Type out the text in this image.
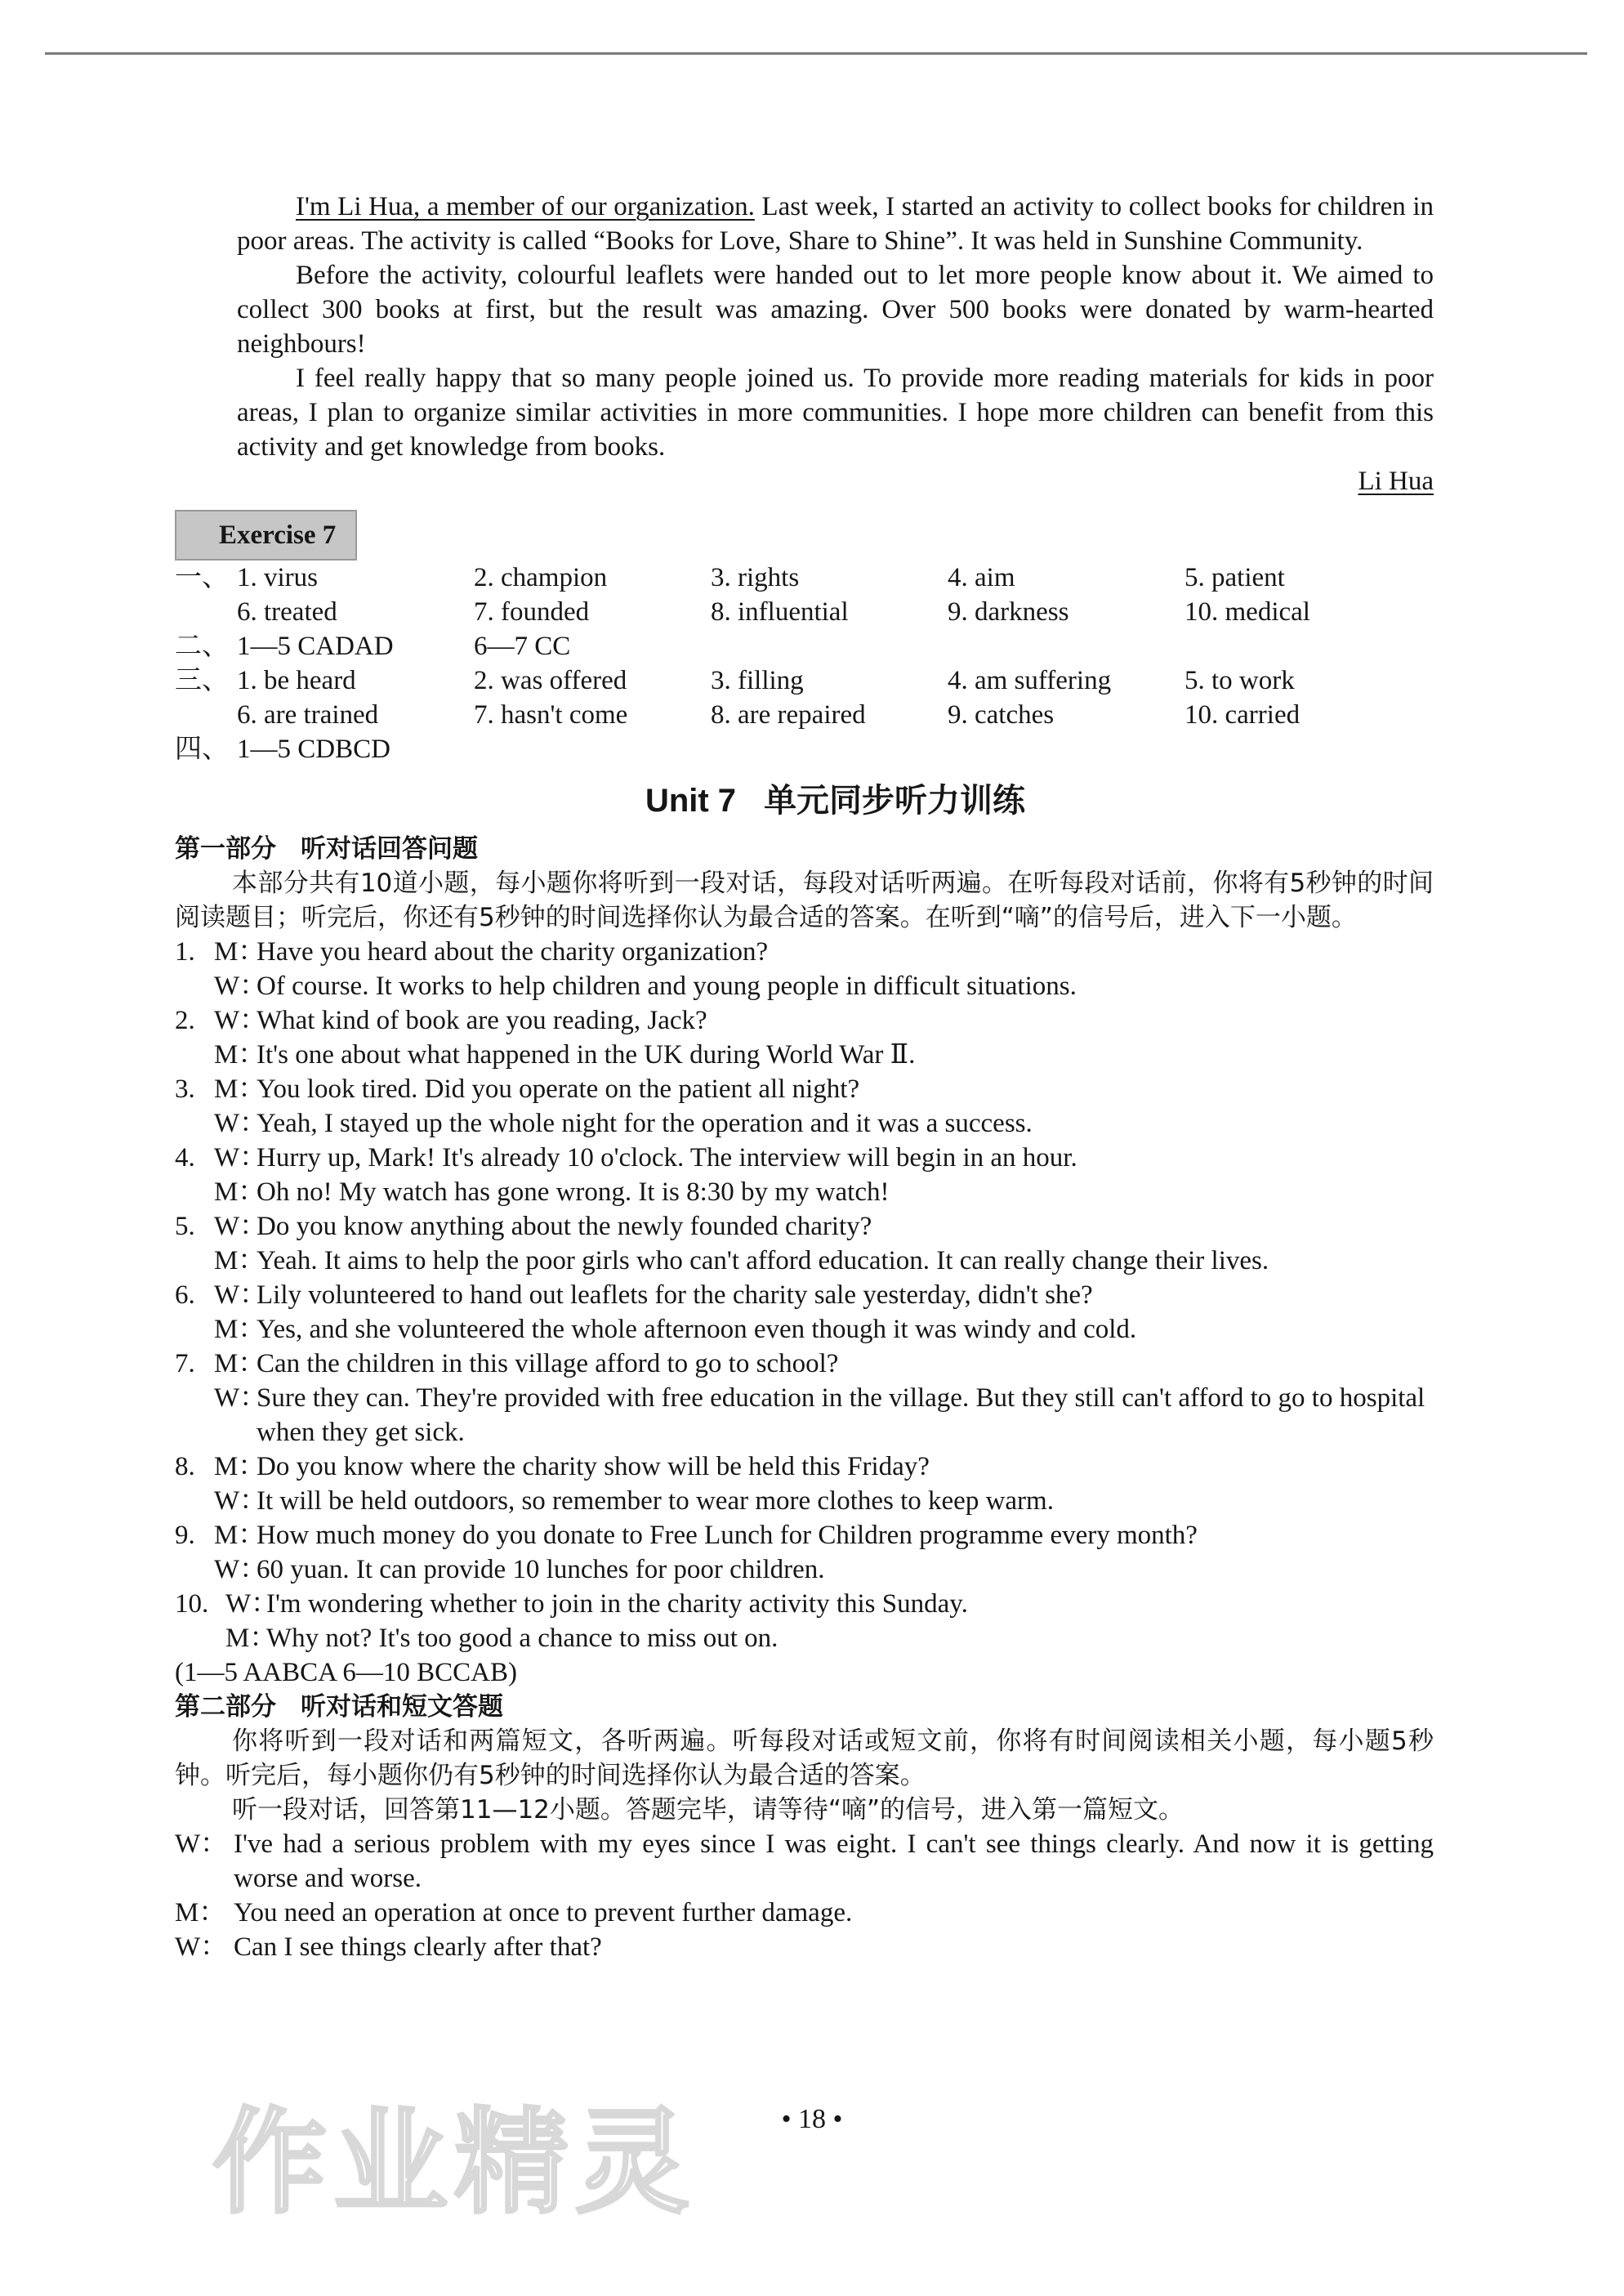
I'm Li Hua, a member of our organization. Last week, I started an activity to collect books for children in poor areas. The activity is called “Books for Love, Share to Shine”. It was held in Sunshine Community.

Before the activity, colourful leaflets were handed out to let more people know about it. We aimed to collect 300 books at first, but the result was amazing. Over 500 books were donated by warm-hearted neighbours!

I feel really happy that so many people joined us. To provide more reading materials for kids in poor areas, I plan to organize similar activities in more communities. I hope more children can benefit from this activity and get knowledge from books.

Li Hua
Exercise 7
一、 1. virus	2. champion	3. rights	4. aim	5. patient
6. treated	7. founded	8. influential	9. darkness	10. medical
二、 1—5 CADAD	6—7 CC
三、 1. be heard	2. was offered	3. filling	4. am suffering	5. to work
6. are trained	7. hasn't come	8. are repaired	9. catches	10. carried
四、 1—5 CDBCD
Unit 7 单元同步听力训练
第一部分 听对话回答问题
本部分共有10道小题，每小题你将听到一段对话，每段对话听两遍。在听每段对话前，你将有5秒钟的时间阅读题目；听完后，你还有5秒钟的时间选择你认为最合适的答案。在听到“嘀”的信号后，进入下一小题。
1. M：
Have you heard about the charity organization?
W：
Of course. It works to help children and young people in difficult situations.
2. W：
What kind of book are you reading, Jack?
M：
It's one about what happened in the UK during World War Ⅱ.
3. M：
You look tired. Did you operate on the patient all night?
W：
Yeah, I stayed up the whole night for the operation and it was a success.
4. W：
Hurry up, Mark! It's already 10 o'clock. The interview will begin in an hour.
M：
Oh no! My watch has gone wrong. It is 8:30 by my watch!
5. W：
Do you know anything about the newly founded charity?
M：
Yeah. It aims to help the poor girls who can't afford education. It can really change their lives.
6. W：
Lily volunteered to hand out leaflets for the charity sale yesterday, didn't she?
M：
Yes, and she volunteered the whole afternoon even though it was windy and cold.
7. M：
Can the children in this village afford to go to school?
W：
Sure they can. They're provided with free education in the village. But they still can't afford to go to hospital when they get sick.
8. M：
Do you know where the charity show will be held this Friday?
W：
It will be held outdoors, so remember to wear more clothes to keep warm.
9. M：
How much money do you donate to Free Lunch for Children programme every month?
W：
60 yuan. It can provide 10 lunches for poor children.
10. W：
I'm wondering whether to join in the charity activity this Sunday.
M：
Why not? It's too good a chance to miss out on.
(1—5 AABCA 6—10 BCCAB)
第二部分 听对话和短文答题
你将听到一段对话和两篇短文，各听两遍。听每段对话或短文前，你将有时间阅读相关小题，每小题5秒钟。听完后，每小题你仍有5秒钟的时间选择你认为最合适的答案。
听一段对话，回答第11—12小题。答题完毕，请等待“嘀”的信号，进入第一篇短文。
W： I've had a serious problem with my eyes since I was eight. I can't see things clearly. And now it is getting worse and worse.
M： You need an operation at once to prevent further damage.
W： Can I see things clearly after that?
作业精灵	• 18 •
